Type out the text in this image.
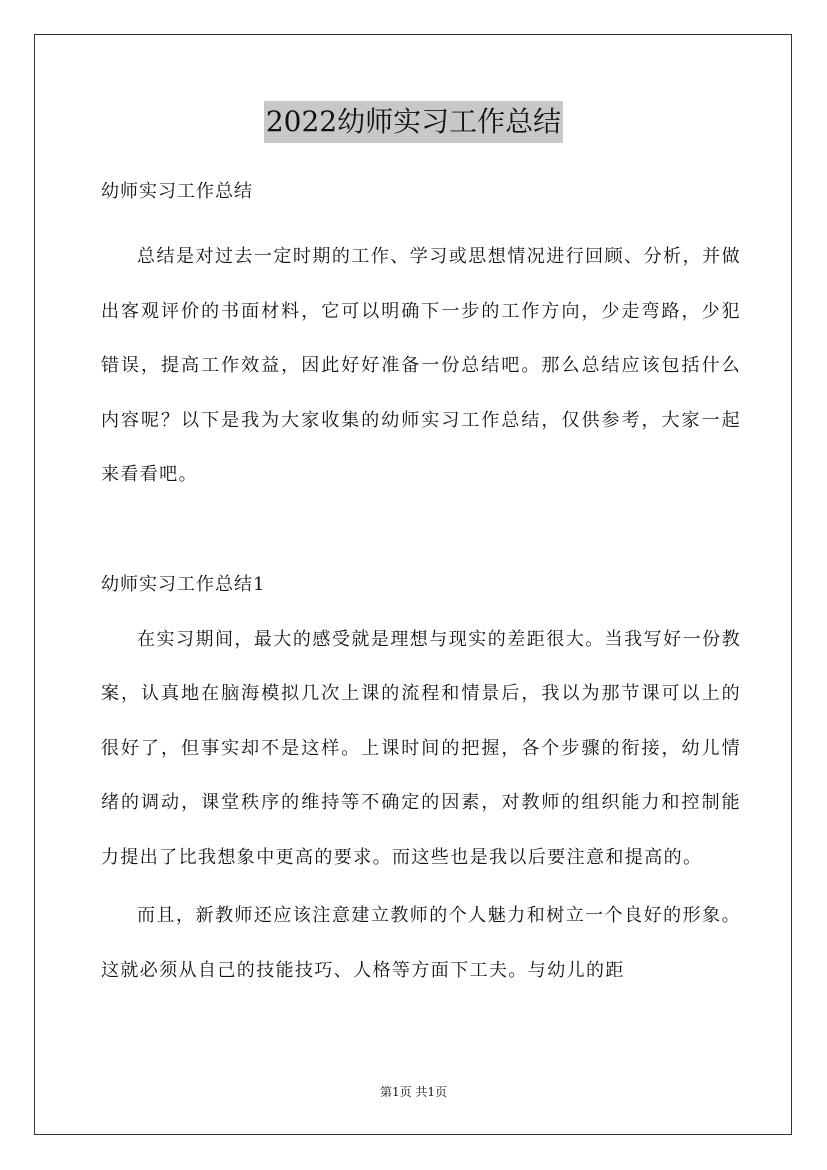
2022幼师实习工作总结

幼师实习工作总结

总结是对过去一定时期的工作、学习或思想情况进行回顾、分析，并做出客观评价的书面材料，它可以明确下一步的工作方向，少走弯路，少犯错误，提高工作效益，因此好好准备一份总结吧。那么总结应该包括什么内容呢？以下是我为大家收集的幼师实习工作总结，仅供参考，大家一起来看看吧。

幼师实习工作总结1

在实习期间，最大的感受就是理想与现实的差距很大。当我写好一份教案，认真地在脑海模拟几次上课的流程和情景后，我以为那节课可以上的很好了，但事实却不是这样。上课时间的把握，各个步骤的衔接，幼儿情绪的调动，课堂秩序的维持等不确定的因素，对教师的组织能力和控制能力提出了比我想象中更高的要求。而这些也是我以后要注意和提高的。

而且，新教师还应该注意建立教师的个人魅力和树立一个良好的形象。这就必须从自己的技能技巧、人格等方面下工夫。与幼儿的距

第1页 共1页
